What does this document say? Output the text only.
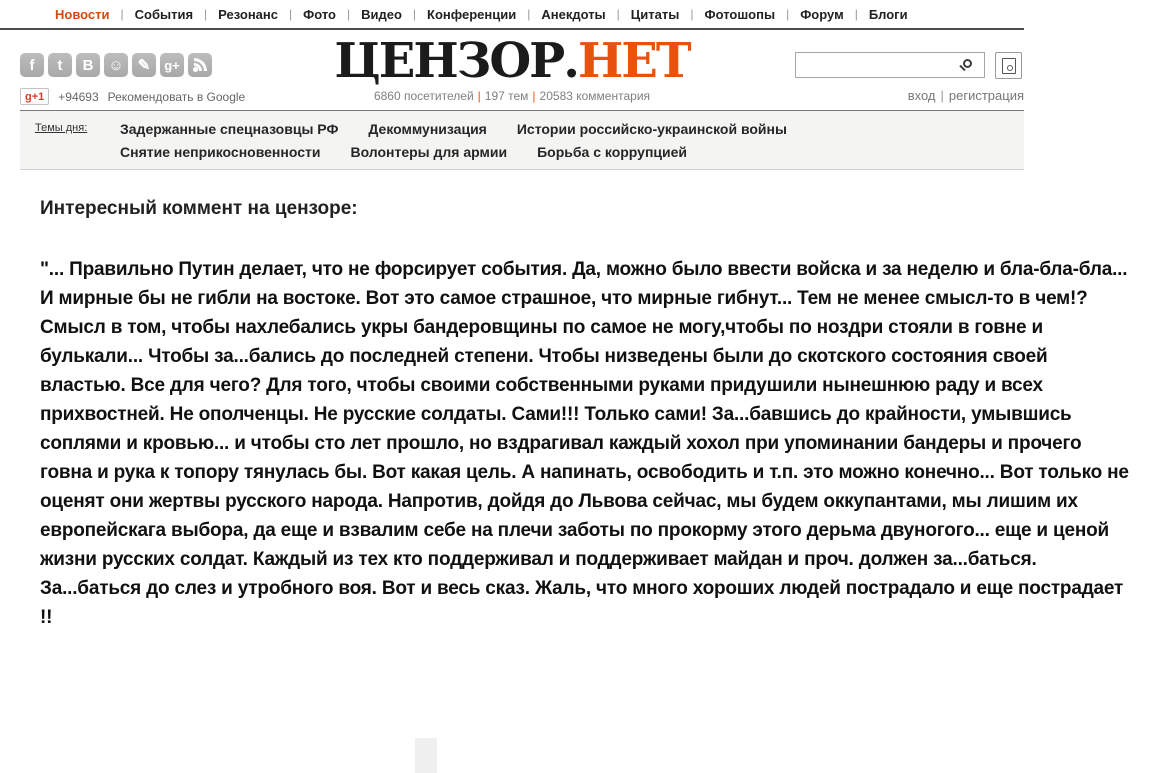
Новости | События | Резонанс | Фото | Видео | Конференции | Анекдоты | Цитаты | Фотошопы | Форум | Блоги
f t В ☺ ✎ g+
g+1	+94693 Рекомендовать в Google
ЦЕНЗОР.НЕТ
6860 посетителей | 197 тем | 20583 комментария	вход | регистрация
Темы дня: Задержанные спецназовцы РФ Декоммунизация Истории российско-украинской войны
Снятие неприкосновенности Волонтеры для армии Борьба с коррупцией
Интересный коммент на цензоре:

"... Правильно Путин делает, что не форсирует события. Да, можно было ввести войска и за неделю и бла-бла-бла... И мирные бы не гибли на востоке. Вот это самое страшное, что мирные гибнут... Тем не менее смысл-то в чем!? Смысл в том, чтобы нахлебались укры бандеровщины по самое не могу,чтобы по ноздри стояли в говне и булькали... Чтобы за...бались до последней степени. Чтобы низведены были до скотского состояния своей властью. Все для чего? Для того, чтобы своими собственными руками придушили нынешнюю раду и всех прихвостней. Не ополченцы. Не русские солдаты. Сами!!! Только сами! За...бавшись до крайности, умывшись соплями и кровью... и чтобы сто лет прошло, но вздрагивал каждый хохол при упоминании бандеры и прочего говна и рука к топору тянулась бы. Вот какая цель. А напинать, освободить и т.п. это можно конечно... Вот только не оценят они жертвы русского народа. Напротив, дойдя до Львова сейчас, мы будем оккупантами, мы лишим их европейскага выбора, да еще и взвалим себе на плечи заботы по прокорму этого дерьма двуногого... еще и ценой жизни русских солдат. Каждый из тех кто поддерживал и поддерживает майдан и проч. должен за...баться. За...баться до слез и утробного воя. Вот и весь сказ. Жаль, что много хороших людей пострадало и еще пострадает !!
